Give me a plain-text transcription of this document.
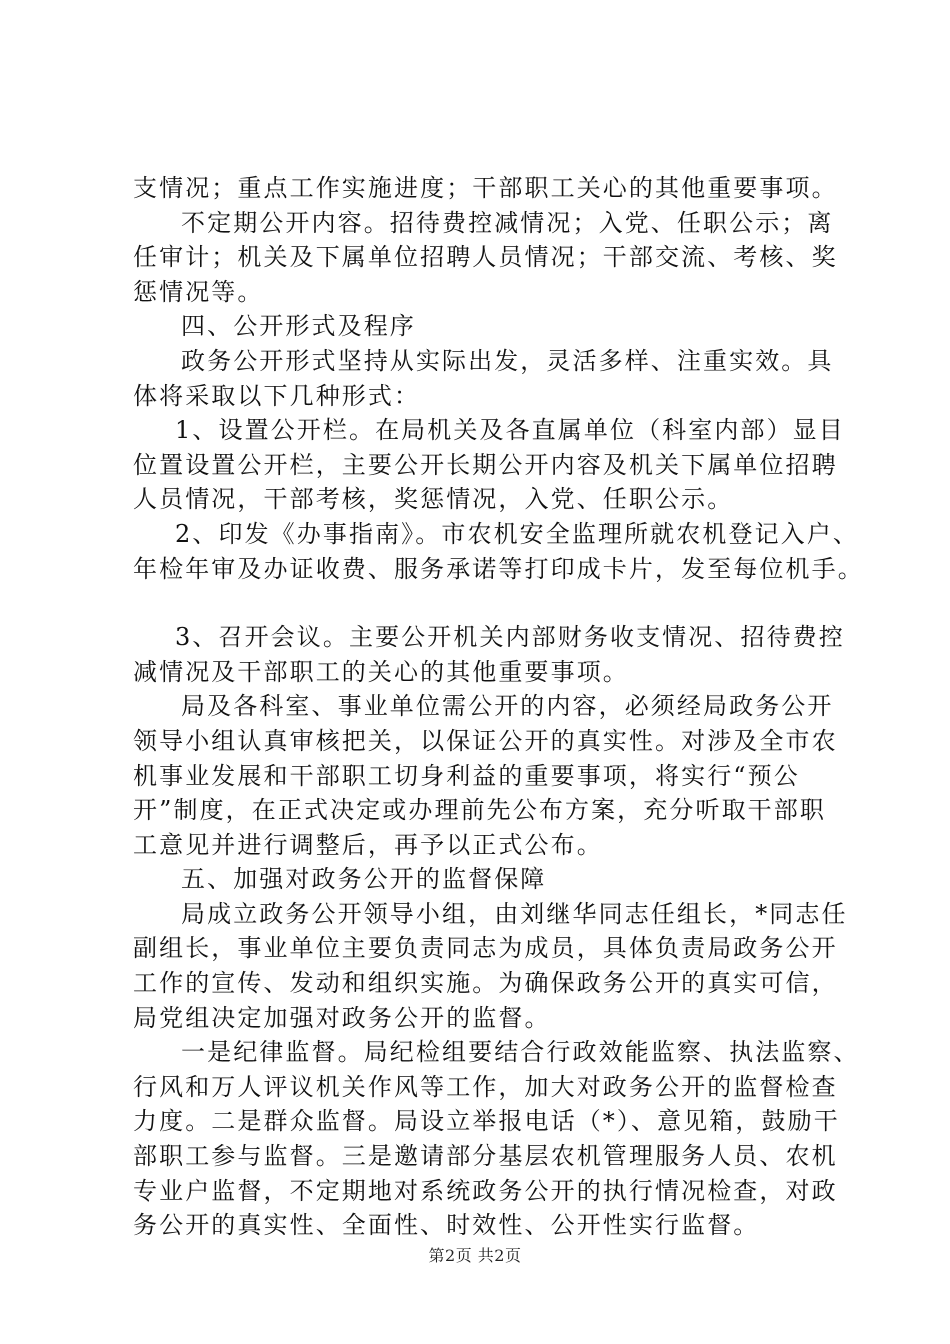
支情况；重点工作实施进度；干部职工关心的其他重要事项。
不定期公开内容。招待费控减情况；入党、任职公示；离
任审计；机关及下属单位招聘人员情况；干部交流、考核、奖
惩情况等。
四、公开形式及程序
政务公开形式坚持从实际出发，灵活多样、注重实效。具
体将采取以下几种形式：
1、设置公开栏。在局机关及各直属单位（科室内部）显目
位置设置公开栏，主要公开长期公开内容及机关下属单位招聘
人员情况，干部考核，奖惩情况，入党、任职公示。
2、印发《办事指南》。市农机安全监理所就农机登记入户、
年检年审及办证收费、服务承诺等打印成卡片，发至每位机手。
3、召开会议。主要公开机关内部财务收支情况、招待费控
减情况及干部职工的关心的其他重要事项。
局及各科室、事业单位需公开的内容，必须经局政务公开
领导小组认真审核把关，以保证公开的真实性。对涉及全市农
机事业发展和干部职工切身利益的重要事项，将实行“预公
开”制度，在正式决定或办理前先公布方案，充分听取干部职
工意见并进行调整后，再予以正式公布。
五、加强对政务公开的监督保障
局成立政务公开领导小组，由刘继华同志任组长，*同志任
副组长，事业单位主要负责同志为成员，具体负责局政务公开
工作的宣传、发动和组织实施。为确保政务公开的真实可信，
局党组决定加强对政务公开的监督。
一是纪律监督。局纪检组要结合行政效能监察、执法监察、
行风和万人评议机关作风等工作，加大对政务公开的监督检查
力度。二是群众监督。局设立举报电话（*）、意见箱，鼓励干
部职工参与监督。三是邀请部分基层农机管理服务人员、农机
专业户监督，不定期地对系统政务公开的执行情况检查，对政
务公开的真实性、全面性、时效性、公开性实行监督。
第2页 共2页
